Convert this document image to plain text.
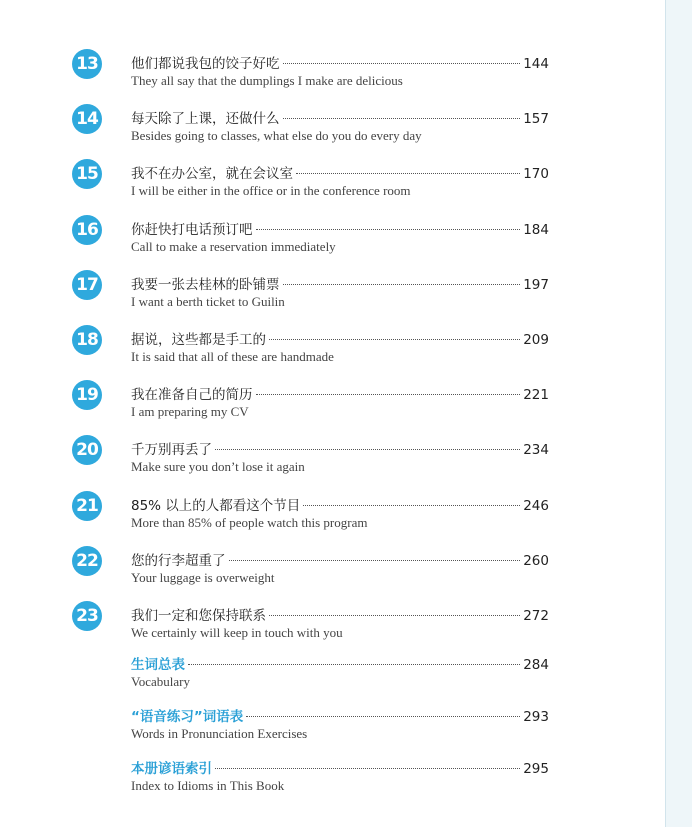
13	他们都说我包的饺子好吃	144
They all say that the dumplings I make are delicious
14	每天除了上课，还做什么	157
Besides going to classes, what else do you do every day
15	我不在办公室，就在会议室	170
I will be either in the office or in the conference room
16	你赶快打电话预订吧	184
Call to make a reservation immediately
17	我要一张去桂林的卧铺票	197
I want a berth ticket to Guilin
18	据说，这些都是手工的	209
It is said that all of these are handmade
19	我在准备自己的简历	221
I am preparing my CV
20	千万别再丢了	234
Make sure you don’t lose it again
21	85% 以上的人都看这个节目	246
More than 85% of people watch this program
22	您的行李超重了	260
Your luggage is overweight
23	我们一定和您保持联系	272
We certainly will keep in touch with you
生词总表	284
Vocabulary
“语音练习”词语表	293
Words in Pronunciation Exercises
本册谚语索引	295
Index to Idioms in This Book
